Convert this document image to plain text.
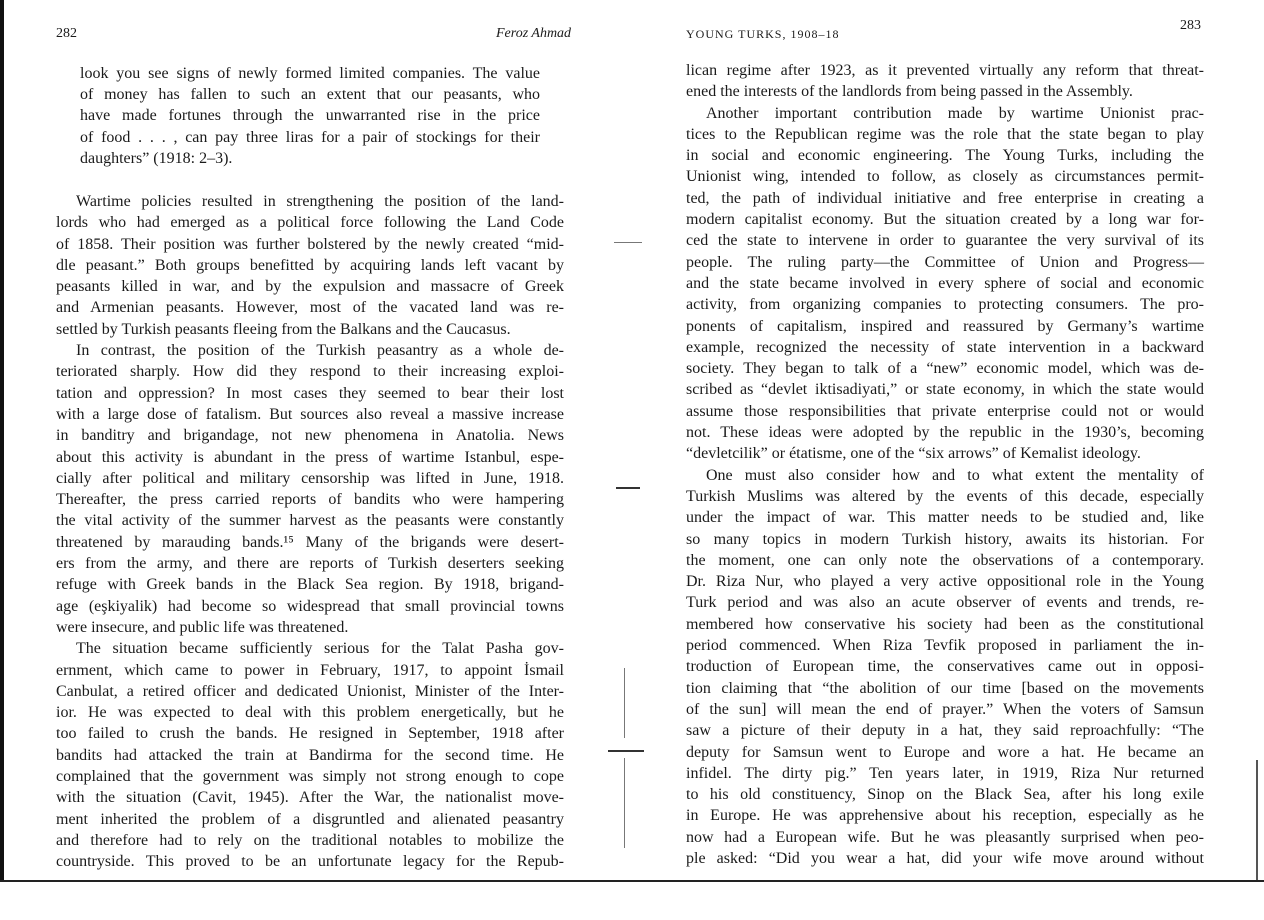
282	Feroz Ahmad
look you see signs of newly formed limited companies. The value
of money has fallen to such an extent that our peasants, who
have made fortunes through the unwarranted rise in the price
of food . . . , can pay three liras for a pair of stockings for their
daughters” (1918: 2–3).
Wartime policies resulted in strengthening the position of the land-
lords who had emerged as a political force following the Land Code
of 1858. Their position was further bolstered by the newly created “mid-
dle peasant.” Both groups benefitted by acquiring lands left vacant by
peasants killed in war, and by the expulsion and massacre of Greek
and Armenian peasants. However, most of the vacated land was re-
settled by Turkish peasants fleeing from the Balkans and the Caucasus.
In contrast, the position of the Turkish peasantry as a whole de-
teriorated sharply. How did they respond to their increasing exploi-
tation and oppression? In most cases they seemed to bear their lost
with a large dose of fatalism. But sources also reveal a massive increase
in banditry and brigandage, not new phenomena in Anatolia. News
about this activity is abundant in the press of wartime Istanbul, espe-
cially after political and military censorship was lifted in June, 1918.
Thereafter, the press carried reports of bandits who were hampering
the vital activity of the summer harvest as the peasants were constantly
threatened by marauding bands.¹⁵ Many of the brigands were desert-
ers from the army, and there are reports of Turkish deserters seeking
refuge with Greek bands in the Black Sea region. By 1918, brigand-
age (eşkiyalik) had become so widespread that small provincial towns
were insecure, and public life was threatened.
The situation became sufficiently serious for the Talat Pasha gov-
ernment, which came to power in February, 1917, to appoint İsmail
Canbulat, a retired officer and dedicated Unionist, Minister of the Inter-
ior. He was expected to deal with this problem energetically, but he
too failed to crush the bands. He resigned in September, 1918 after
bandits had attacked the train at Bandirma for the second time. He
complained that the government was simply not strong enough to cope
with the situation (Cavit, 1945). After the War, the nationalist move-
ment inherited the problem of a disgruntled and alienated peasantry
and therefore had to rely on the traditional notables to mobilize the
countryside. This proved to be an unfortunate legacy for the Repub-
YOUNG TURKS, 1908–18
283
lican regime after 1923, as it prevented virtually any reform that threat-
ened the interests of the landlords from being passed in the Assembly.
Another important contribution made by wartime Unionist prac-
tices to the Republican regime was the role that the state began to play
in social and economic engineering. The Young Turks, including the
Unionist wing, intended to follow, as closely as circumstances permit-
ted, the path of individual initiative and free enterprise in creating a
modern capitalist economy. But the situation created by a long war for-
ced the state to intervene in order to guarantee the very survival of its
people. The ruling party—the Committee of Union and Progress—
and the state became involved in every sphere of social and economic
activity, from organizing companies to protecting consumers. The pro-
ponents of capitalism, inspired and reassured by Germany’s wartime
example, recognized the necessity of state intervention in a backward
society. They began to talk of a “new” economic model, which was de-
scribed as “devlet iktisadiyati,” or state economy, in which the state would
assume those responsibilities that private enterprise could not or would
not. These ideas were adopted by the republic in the 1930’s, becoming
“devletcilik” or étatisme, one of the “six arrows” of Kemalist ideology.
One must also consider how and to what extent the mentality of
Turkish Muslims was altered by the events of this decade, especially
under the impact of war. This matter needs to be studied and, like
so many topics in modern Turkish history, awaits its historian. For
the moment, one can only note the observations of a contemporary.
Dr. Riza Nur, who played a very active oppositional role in the Young
Turk period and was also an acute observer of events and trends, re-
membered how conservative his society had been as the constitutional
period commenced. When Riza Tevfik proposed in parliament the in-
troduction of European time, the conservatives came out in opposi-
tion claiming that “the abolition of our time [based on the movements
of the sun] will mean the end of prayer.” When the voters of Samsun
saw a picture of their deputy in a hat, they said reproachfully: “The
deputy for Samsun went to Europe and wore a hat. He became an
infidel. The dirty pig.” Ten years later, in 1919, Riza Nur returned
to his old constituency, Sinop on the Black Sea, after his long exile
in Europe. He was apprehensive about his reception, especially as he
now had a European wife. But he was pleasantly surprised when peo-
ple asked: “Did you wear a hat, did your wife move around without
